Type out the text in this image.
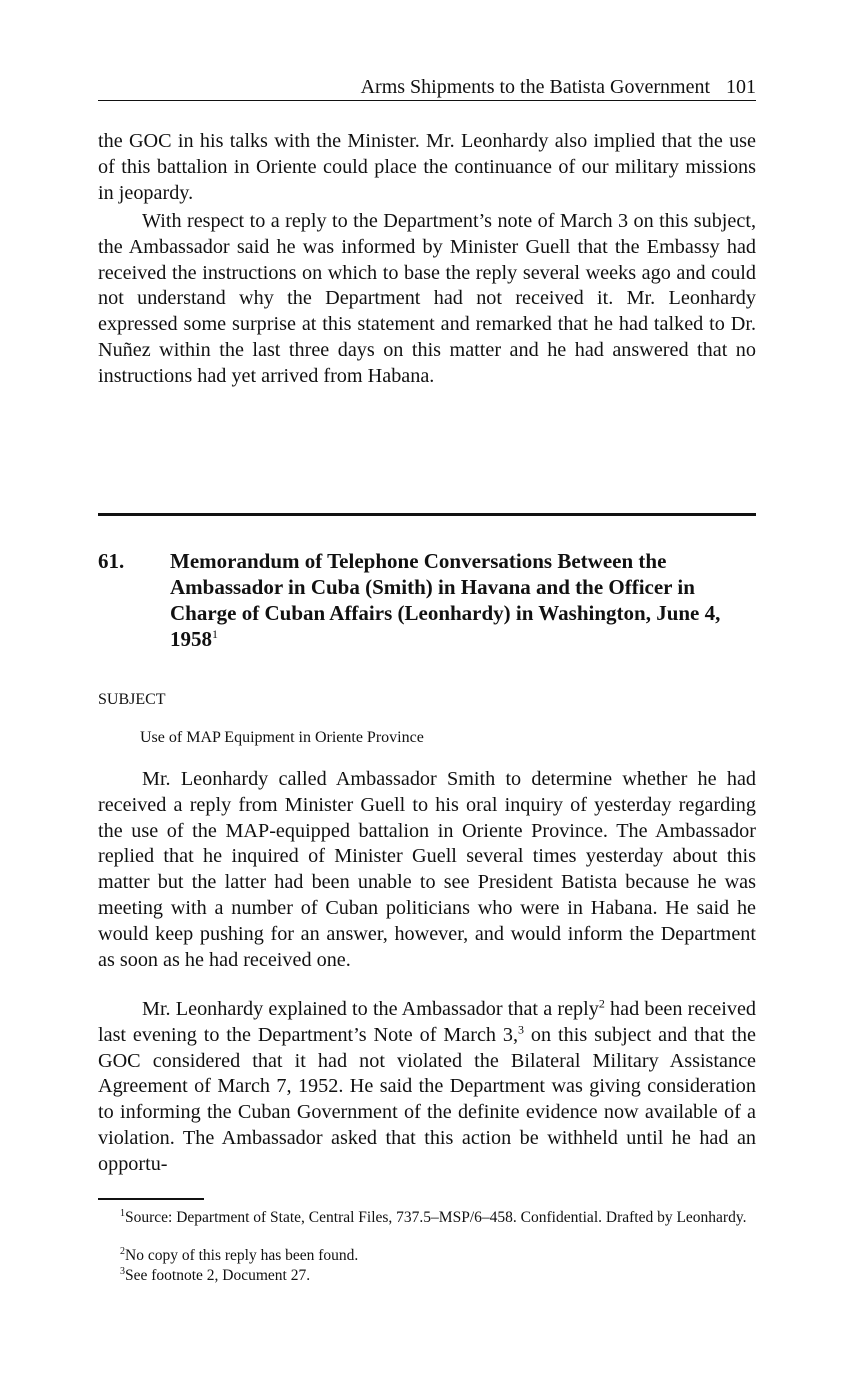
Arms Shipments to the Batista Government 101

the GOC in his talks with the Minister. Mr. Leonhardy also implied that the use of this battalion in Oriente could place the continuance of our military missions in jeopardy.

With respect to a reply to the Department’s note of March 3 on this subject, the Ambassador said he was informed by Minister Guell that the Embassy had received the instructions on which to base the reply several weeks ago and could not understand why the Department had not received it. Mr. Leonhardy expressed some surprise at this statement and remarked that he had talked to Dr. Nuñez within the last three days on this matter and he had answered that no instructions had yet arrived from Habana.

61. Memorandum of Telephone Conversations Between the Ambassador in Cuba (Smith) in Havana and the Officer in Charge of Cuban Affairs (Leonhardy) in Washington, June 4, 1958$^1$
SUBJECT
Use of MAP Equipment in Oriente Province

Mr. Leonhardy called Ambassador Smith to determine whether he had received a reply from Minister Guell to his oral inquiry of yesterday regarding the use of the MAP-equipped battalion in Oriente Province. The Ambassador replied that he inquired of Minister Guell several times yesterday about this matter but the latter had been unable to see President Batista because he was meeting with a number of Cuban politicians who were in Habana. He said he would keep pushing for an answer, however, and would inform the Department as soon as he had received one.

Mr. Leonhardy explained to the Ambassador that a reply$^2$ had been received last evening to the Department’s Note of March 3,$^3$ on this subject and that the GOC considered that it had not violated the Bilateral Military Assistance Agreement of March 7, 1952. He said the Department was giving consideration to informing the Cuban Government of the definite evidence now available of a violation. The Ambassador asked that this action be withheld until he had an opportu-

$^1$Source: Department of State, Central Files, 737.5–MSP/6–458. Confidential. Drafted by Leonhardy.

$^2$No copy of this reply has been found.

$^3$See footnote 2, Document 27.
